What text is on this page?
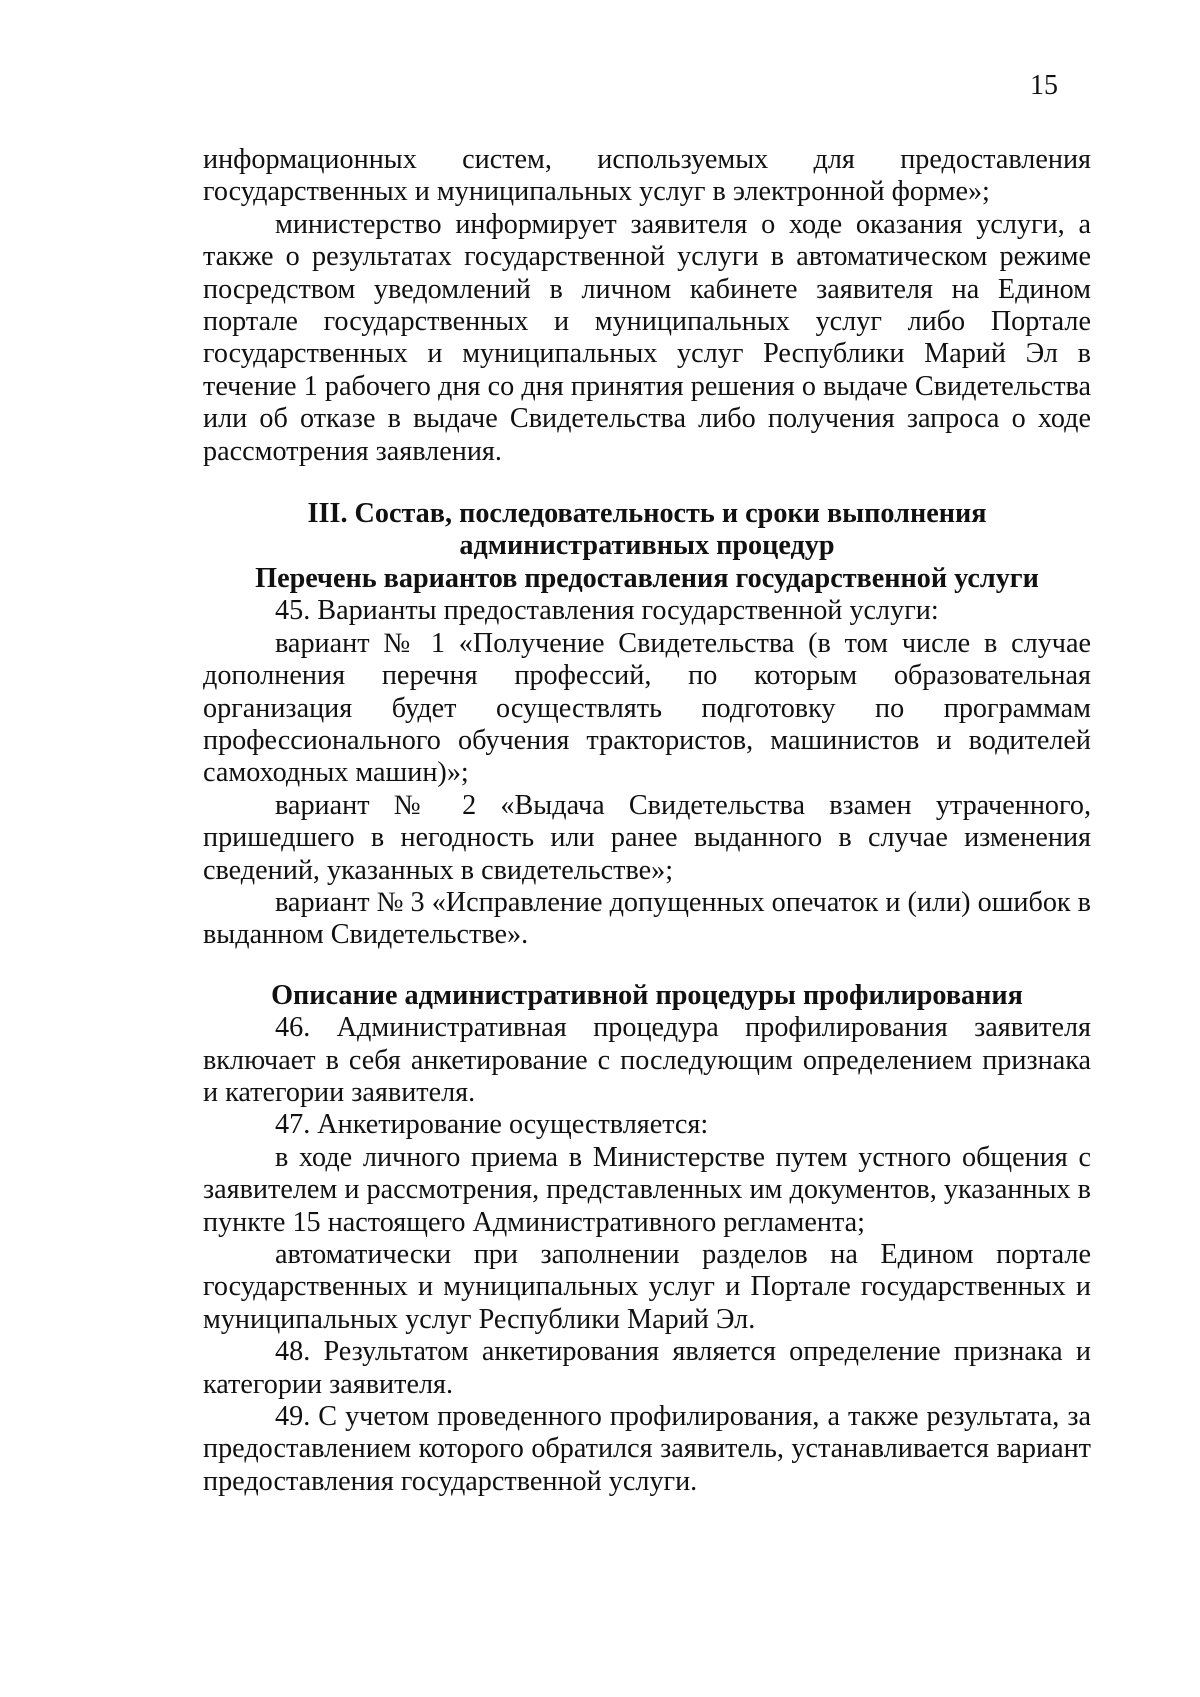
15

информационных систем, используемых для предоставления государственных и муниципальных услуг в электронной форме»;

министерство информирует заявителя о ходе оказания услуги, а также о результатах государственной услуги в автоматическом режиме посредством уведомлений в личном кабинете заявителя на Едином портале государственных и муниципальных услуг либо Портале государственных и муниципальных услуг Республики Марий Эл в течение 1 рабочего дня со дня принятия решения о выдаче Свидетельства или об отказе в выдаче Свидетельства либо получения запроса о ходе рассмотрения заявления.

III. Состав, последовательность и сроки выполнения
административных процедур
Перечень вариантов предоставления государственной услуги

45. Варианты предоставления государственной услуги:

вариант № 1 «Получение Свидетельства (в том числе в случае дополнения перечня профессий, по которым образовательная организация будет осуществлять подготовку по программам профессионального обучения трактористов, машинистов и водителей самоходных машин)»;

вариант № 2 «Выдача Свидетельства взамен утраченного, пришедшего в негодность или ранее выданного в случае изменения сведений, указанных в свидетельстве»;

вариант № 3 «Исправление допущенных опечаток и (или) ошибок в выданном Свидетельстве».

Описание административной процедуры профилирования

46. Административная процедура профилирования заявителя включает в себя анкетирование с последующим определением признака и категории заявителя.

47. Анкетирование осуществляется:

в ходе личного приема в Министерстве путем устного общения с заявителем и рассмотрения, представленных им документов, указанных в пункте 15 настоящего Административного регламента;

автоматически при заполнении разделов на Едином портале государственных и муниципальных услуг и Портале государственных и муниципальных услуг Республики Марий Эл.

48. Результатом анкетирования является определение признака и категории заявителя.

49. С учетом проведенного профилирования, а также результата, за предоставлением которого обратился заявитель, устанавливается вариант предоставления государственной услуги.
